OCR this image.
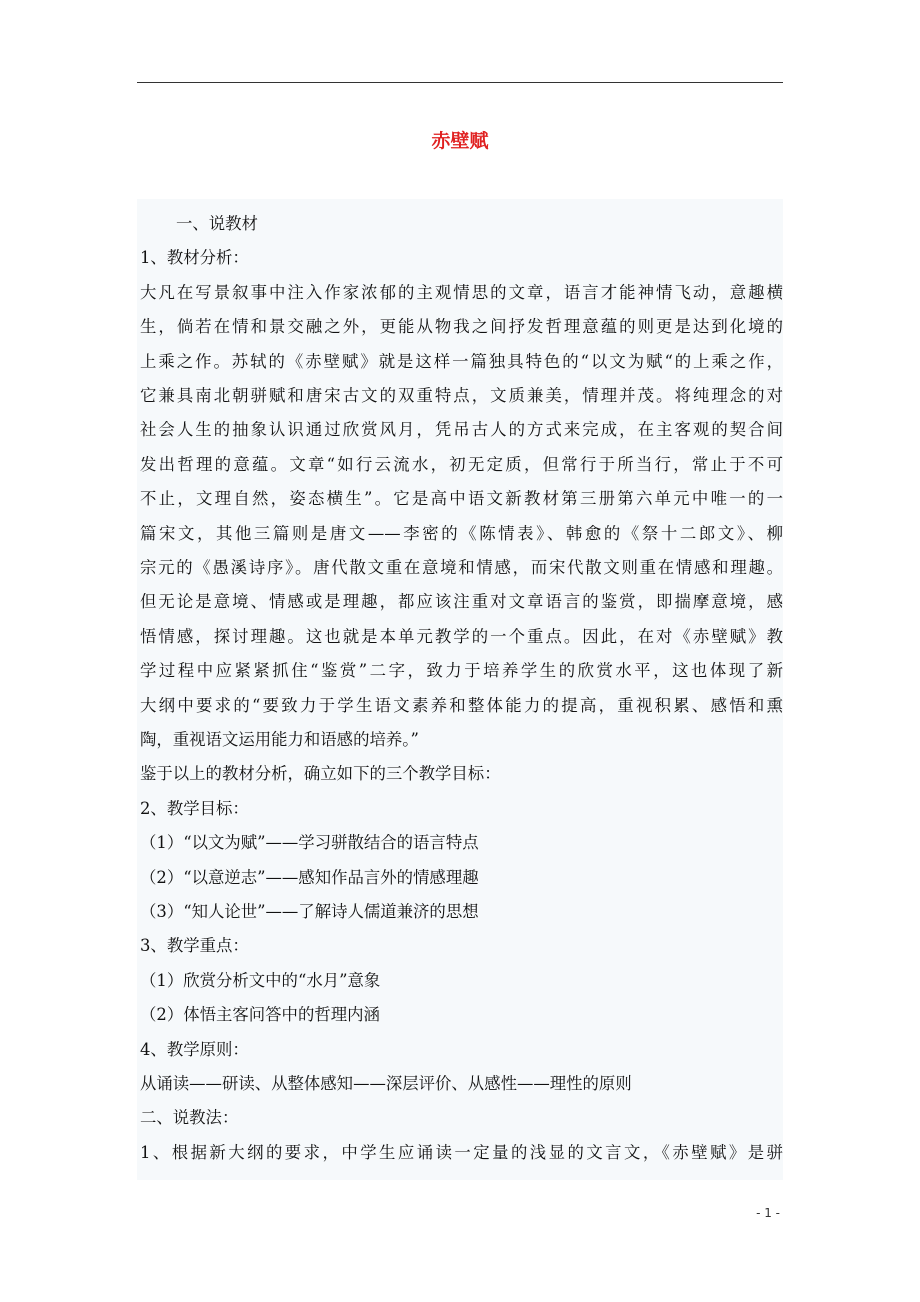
赤壁赋
一、说教材
1、教材分析：
大凡在写景叙事中注入作家浓郁的主观情思的文章，语言才能神情飞动，意趣横
生，倘若在情和景交融之外，更能从物我之间抒发哲理意蕴的则更是达到化境的
上乘之作。苏轼的《赤壁赋》就是这样一篇独具特色的“以文为赋“的上乘之作，
它兼具南北朝骈赋和唐宋古文的双重特点，文质兼美，情理并茂。将纯理念的对
社会人生的抽象认识通过欣赏风月，凭吊古人的方式来完成，在主客观的契合间
发出哲理的意蕴。文章“如行云流水，初无定质，但常行于所当行，常止于不可
不止，文理自然，姿态横生”。它是高中语文新教材第三册第六单元中唯一的一
篇宋文，其他三篇则是唐文——李密的《陈情表》、韩愈的《祭十二郎文》、柳
宗元的《愚溪诗序》。唐代散文重在意境和情感，而宋代散文则重在情感和理趣。
但无论是意境、情感或是理趣，都应该注重对文章语言的鉴赏，即揣摩意境，感
悟情感，探讨理趣。这也就是本单元教学的一个重点。因此，在对《赤壁赋》教
学过程中应紧紧抓住“鉴赏”二字，致力于培养学生的欣赏水平，这也体现了新
大纲中要求的“要致力于学生语文素养和整体能力的提高，重视积累、感悟和熏
陶，重视语文运用能力和语感的培养。”
鉴于以上的教材分析，确立如下的三个教学目标：
2、教学目标：
（1）“以文为赋”——学习骈散结合的语言特点
（2）“以意逆志”——感知作品言外的情感理趣
（3）“知人论世”——了解诗人儒道兼济的思想
3、教学重点：
（1）欣赏分析文中的“水月”意象
（2）体悟主客问答中的哲理内涵
4、教学原则：
从诵读——研读、从整体感知——深层评价、从感性——理性的原则
二、说教法：
1、根据新大纲的要求，中学生应诵读一定量的浅显的文言文，《赤壁赋》是骈
- 1 -
